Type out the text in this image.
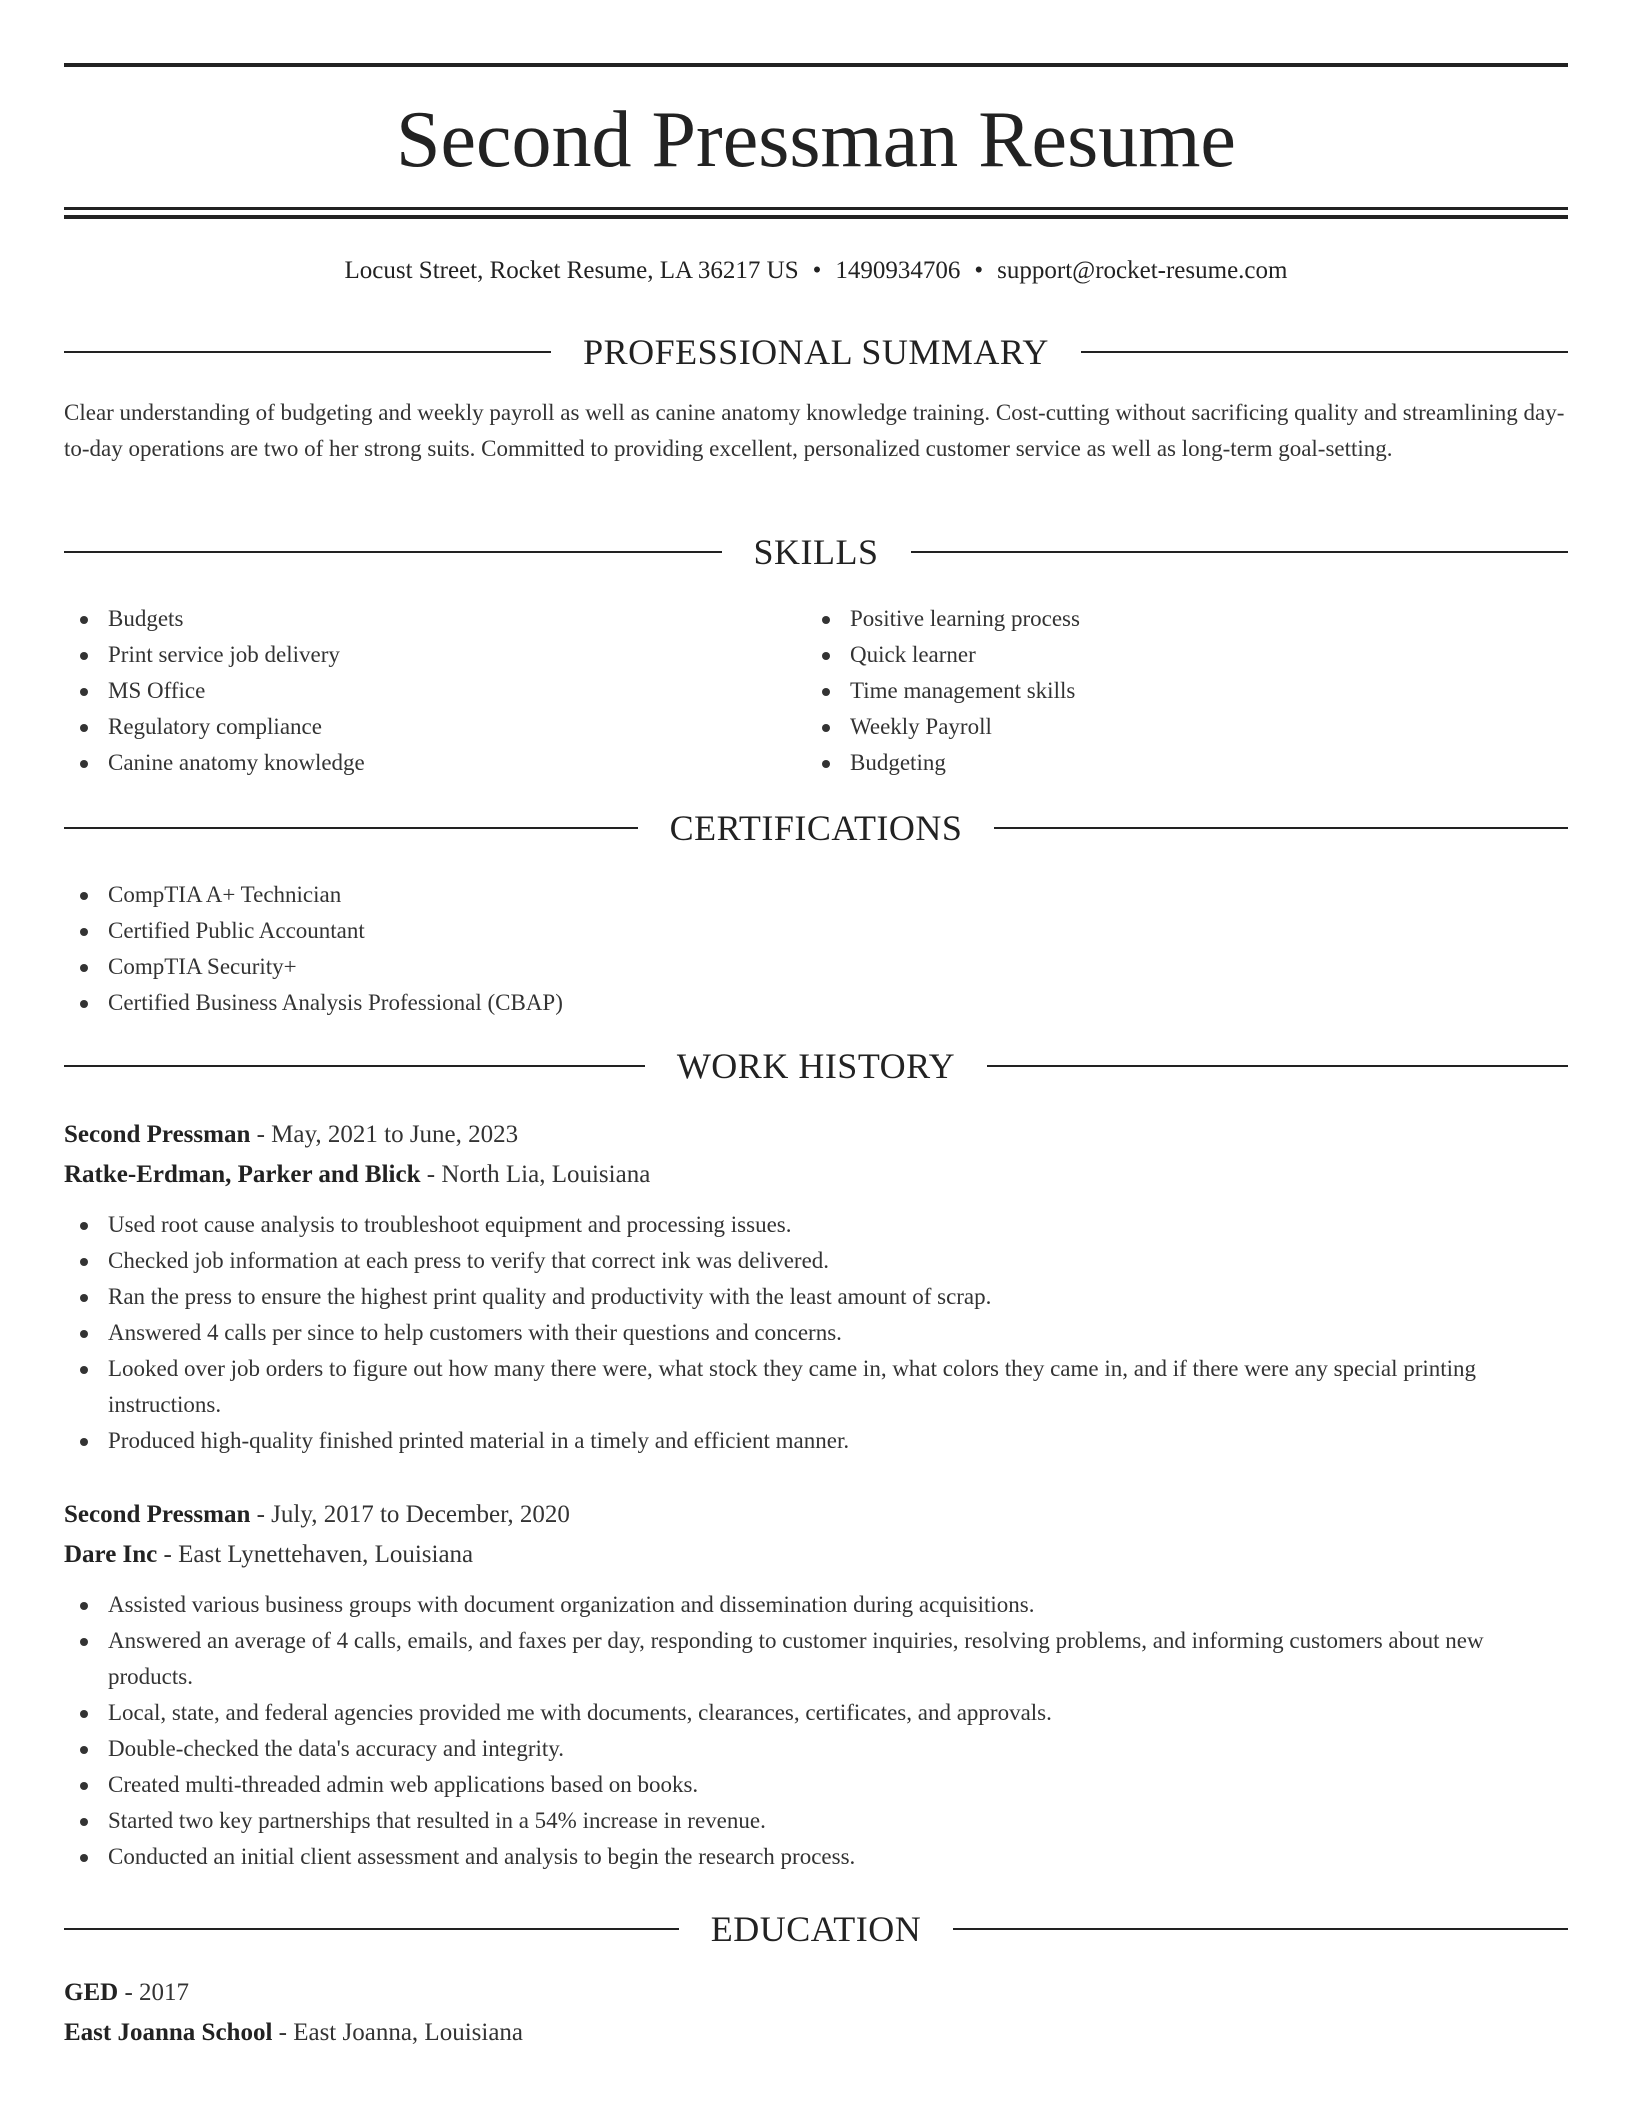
Second Pressman Resume
Locust Street, Rocket Resume, LA 36217 US • 1490934706 • support@rocket-resume.com
PROFESSIONAL SUMMARY
Clear understanding of budgeting and weekly payroll as well as canine anatomy knowledge training. Cost-cutting without sacrificing quality and streamlining day-to-day operations are two of her strong suits. Committed to providing excellent, personalized customer service as well as long-term goal-setting.
SKILLS
Budgets
Print service job delivery
MS Office
Regulatory compliance
Canine anatomy knowledge
Positive learning process
Quick learner
Time management skills
Weekly Payroll
Budgeting
CERTIFICATIONS
CompTIA A+ Technician
Certified Public Accountant
CompTIA Security+
Certified Business Analysis Professional (CBAP)
WORK HISTORY
Second Pressman - May, 2021 to June, 2023
Ratke-Erdman, Parker and Blick - North Lia, Louisiana
Used root cause analysis to troubleshoot equipment and processing issues.
Checked job information at each press to verify that correct ink was delivered.
Ran the press to ensure the highest print quality and productivity with the least amount of scrap.
Answered 4 calls per since to help customers with their questions and concerns.
Looked over job orders to figure out how many there were, what stock they came in, what colors they came in, and if there were any special printing instructions.
Produced high-quality finished printed material in a timely and efficient manner.
Second Pressman - July, 2017 to December, 2020
Dare Inc - East Lynettehaven, Louisiana
Assisted various business groups with document organization and dissemination during acquisitions.
Answered an average of 4 calls, emails, and faxes per day, responding to customer inquiries, resolving problems, and informing customers about new products.
Local, state, and federal agencies provided me with documents, clearances, certificates, and approvals.
Double-checked the data's accuracy and integrity.
Created multi-threaded admin web applications based on books.
Started two key partnerships that resulted in a 54% increase in revenue.
Conducted an initial client assessment and analysis to begin the research process.
EDUCATION
GED - 2017
East Joanna School - East Joanna, Louisiana
